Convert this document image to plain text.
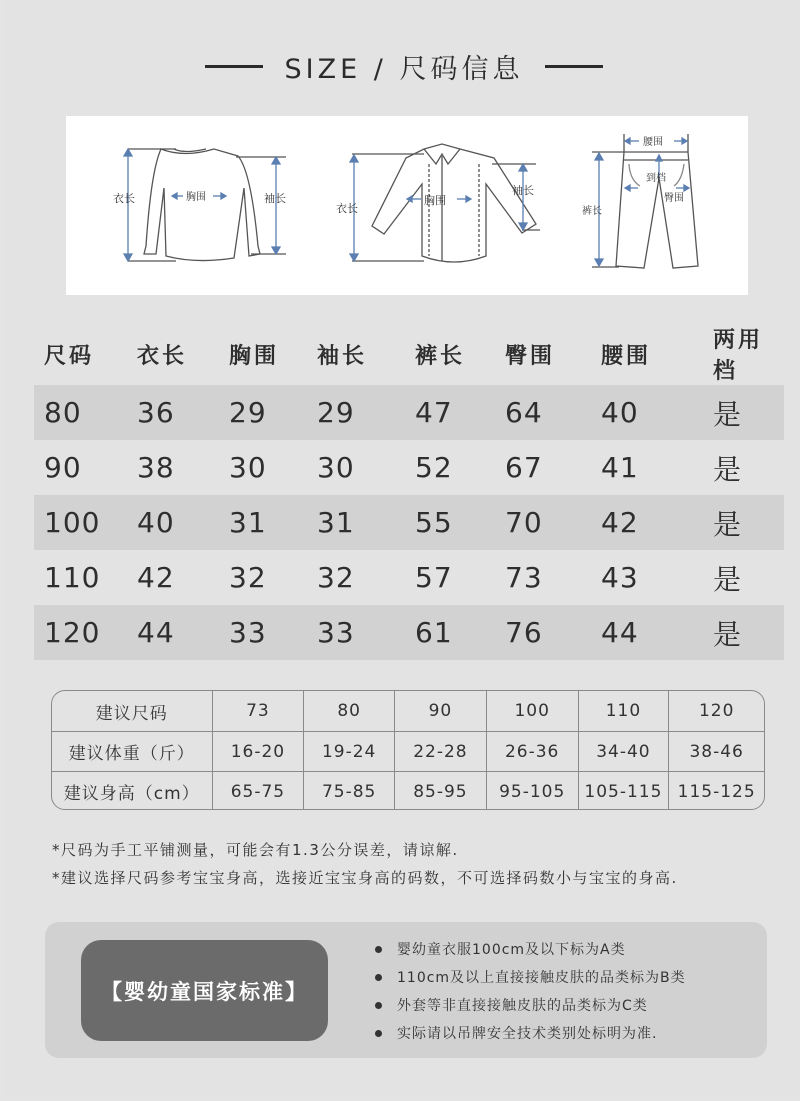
SIZE / 尺码信息
衣长	胸围	袖长
衣长
胸围
袖长
腰围
到档
臀围
裤长
尺码	衣长	胸围	袖长	裤长	臀围	腰围
两用档
80	36	29	29	47	64	40	是
90	38	30	30	52	67	41	是
100	40	31	31	55	70	42	是
110	42	32	32	57	73	43	是
120	44	33	33	61	76	44	是
建议尺码	73	80	90	100	110	120
建议体重（斤）	16-20	19-24	22-28	26-36	34-40	38-46
建议身高（cm）	65-75	75-85	85-95	95-105	105-115 115-125
*尺码为手工平铺测量，可能会有1.3公分误差，请谅解.
*建议选择尺码参考宝宝身高，选接近宝宝身高的码数，不可选择码数小与宝宝的身高.
【婴幼童国家标准】
婴幼童衣服100cm及以下标为A类
110cm及以上直接接触皮肤的品类标为B类
外套等非直接接触皮肤的品类标为C类
实际请以吊牌安全技术类别处标明为准.
